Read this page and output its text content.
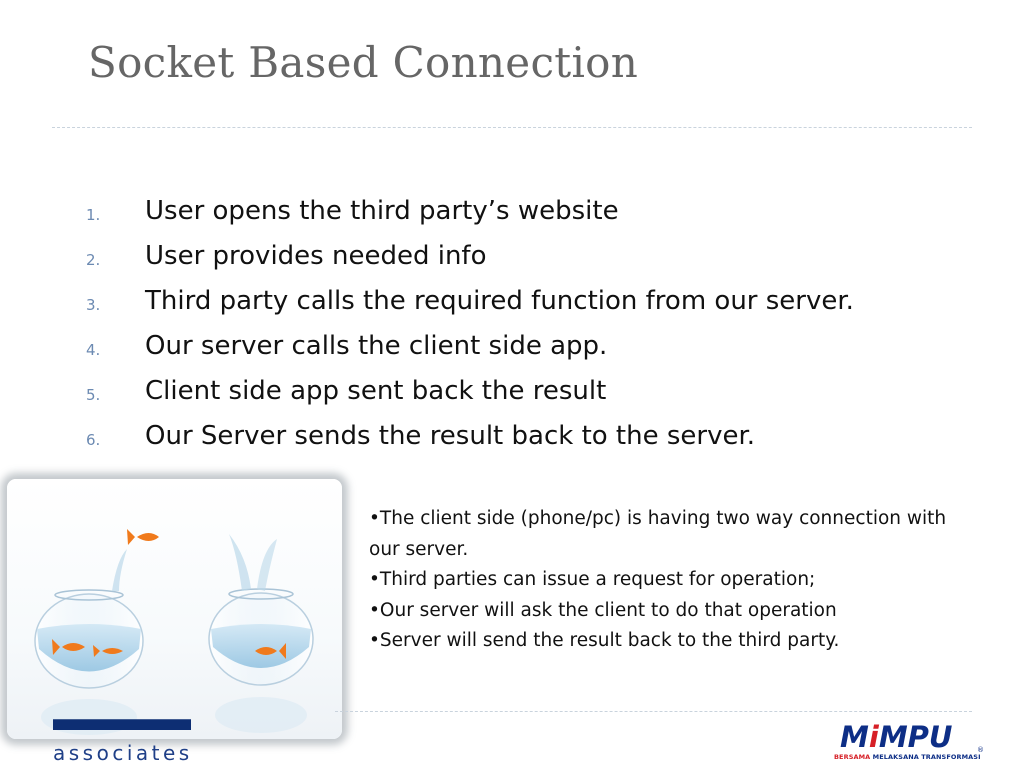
Socket Based Connection
1. User opens the third party’s website
2. User provides needed info
3. Third party calls the required function from our server.
4. Our server calls the client side app.
5. Client side app sent back the result
6. Our Server sends the result back to the server.
•The client side (phone/pc) is having two way connection with our server.
•Third parties can issue a request for operation;
•Our server will ask the client to do that operation
•Server will send the result back to the third party.
associates	MiMPU
BERSAMA MELAKSANA TRANSFORMASI
®
